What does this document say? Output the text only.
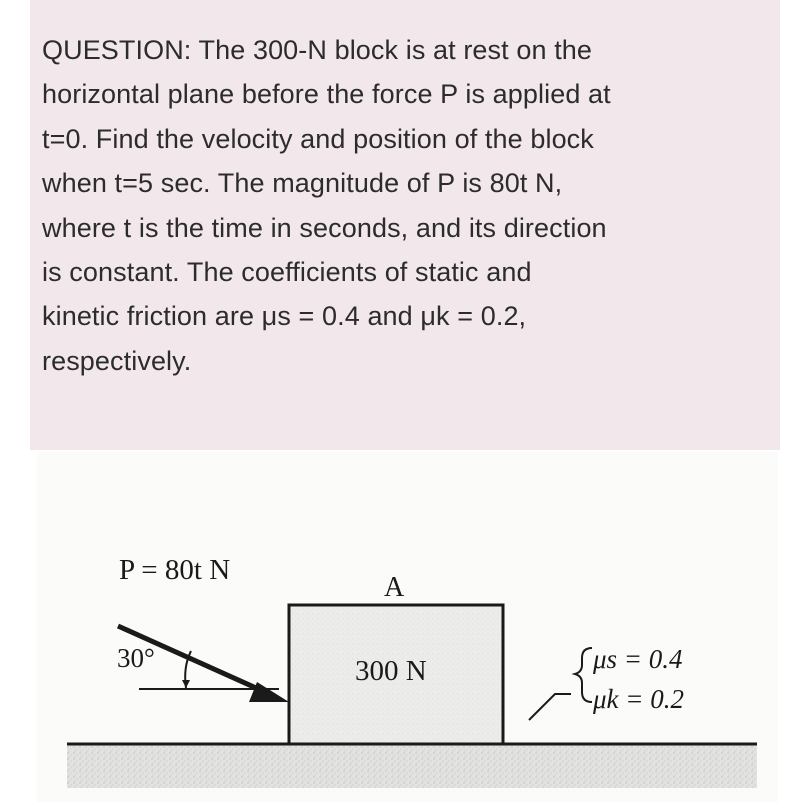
QUESTION: The 300-N block is at rest on the
horizontal plane before the force P is applied at
t=0. Find the velocity and position of the block
when t=5 sec. The magnitude of P is 80t N,
where t is the time in seconds, and its direction
is constant. The coefficients of static and
kinetic friction are μs = 0.4 and μk = 0.2,
respectively.
P = 80t N
30°
A
300 N	μs = 0.4
μk = 0.2
